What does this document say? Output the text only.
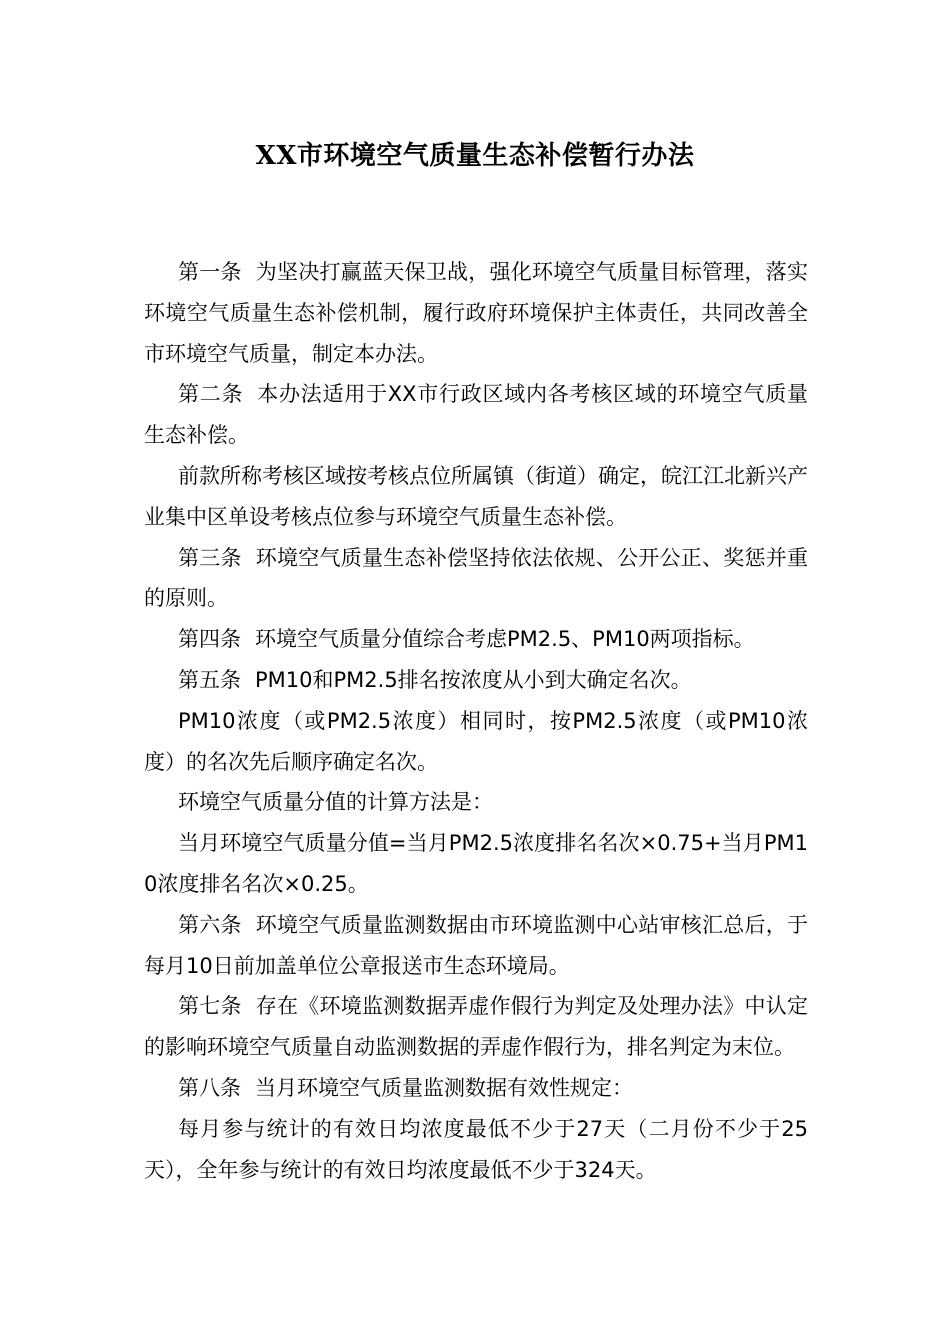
XX市环境空气质量生态补偿暂行办法

第一条 为坚决打赢蓝天保卫战，强化环境空气质量目标管理，落实环境空气质量生态补偿机制，履行政府环境保护主体责任，共同改善全市环境空气质量，制定本办法。

第二条 本办法适用于XX市行政区域内各考核区域的环境空气质量生态补偿。

前款所称考核区域按考核点位所属镇（街道）确定，皖江江北新兴产业集中区单设考核点位参与环境空气质量生态补偿。

第三条 环境空气质量生态补偿坚持依法依规、公开公正、奖惩并重的原则。

第四条 环境空气质量分值综合考虑PM2.5、PM10两项指标。

第五条 PM10和PM2.5排名按浓度从小到大确定名次。

PM10浓度（或PM2.5浓度）相同时，按PM2.5浓度（或PM10浓度）的名次先后顺序确定名次。

环境空气质量分值的计算方法是：

当月环境空气质量分值=当月PM2.5浓度排名名次×0.75+当月PM10浓度排名名次×0.25。

第六条 环境空气质量监测数据由市环境监测中心站审核汇总后，于每月10日前加盖单位公章报送市生态环境局。

第七条 存在《环境监测数据弄虚作假行为判定及处理办法》中认定的影响环境空气质量自动监测数据的弄虚作假行为，排名判定为末位。

第八条 当月环境空气质量监测数据有效性规定：

每月参与统计的有效日均浓度最低不少于27天（二月份不少于25天），全年参与统计的有效日均浓度最低不少于324天。
